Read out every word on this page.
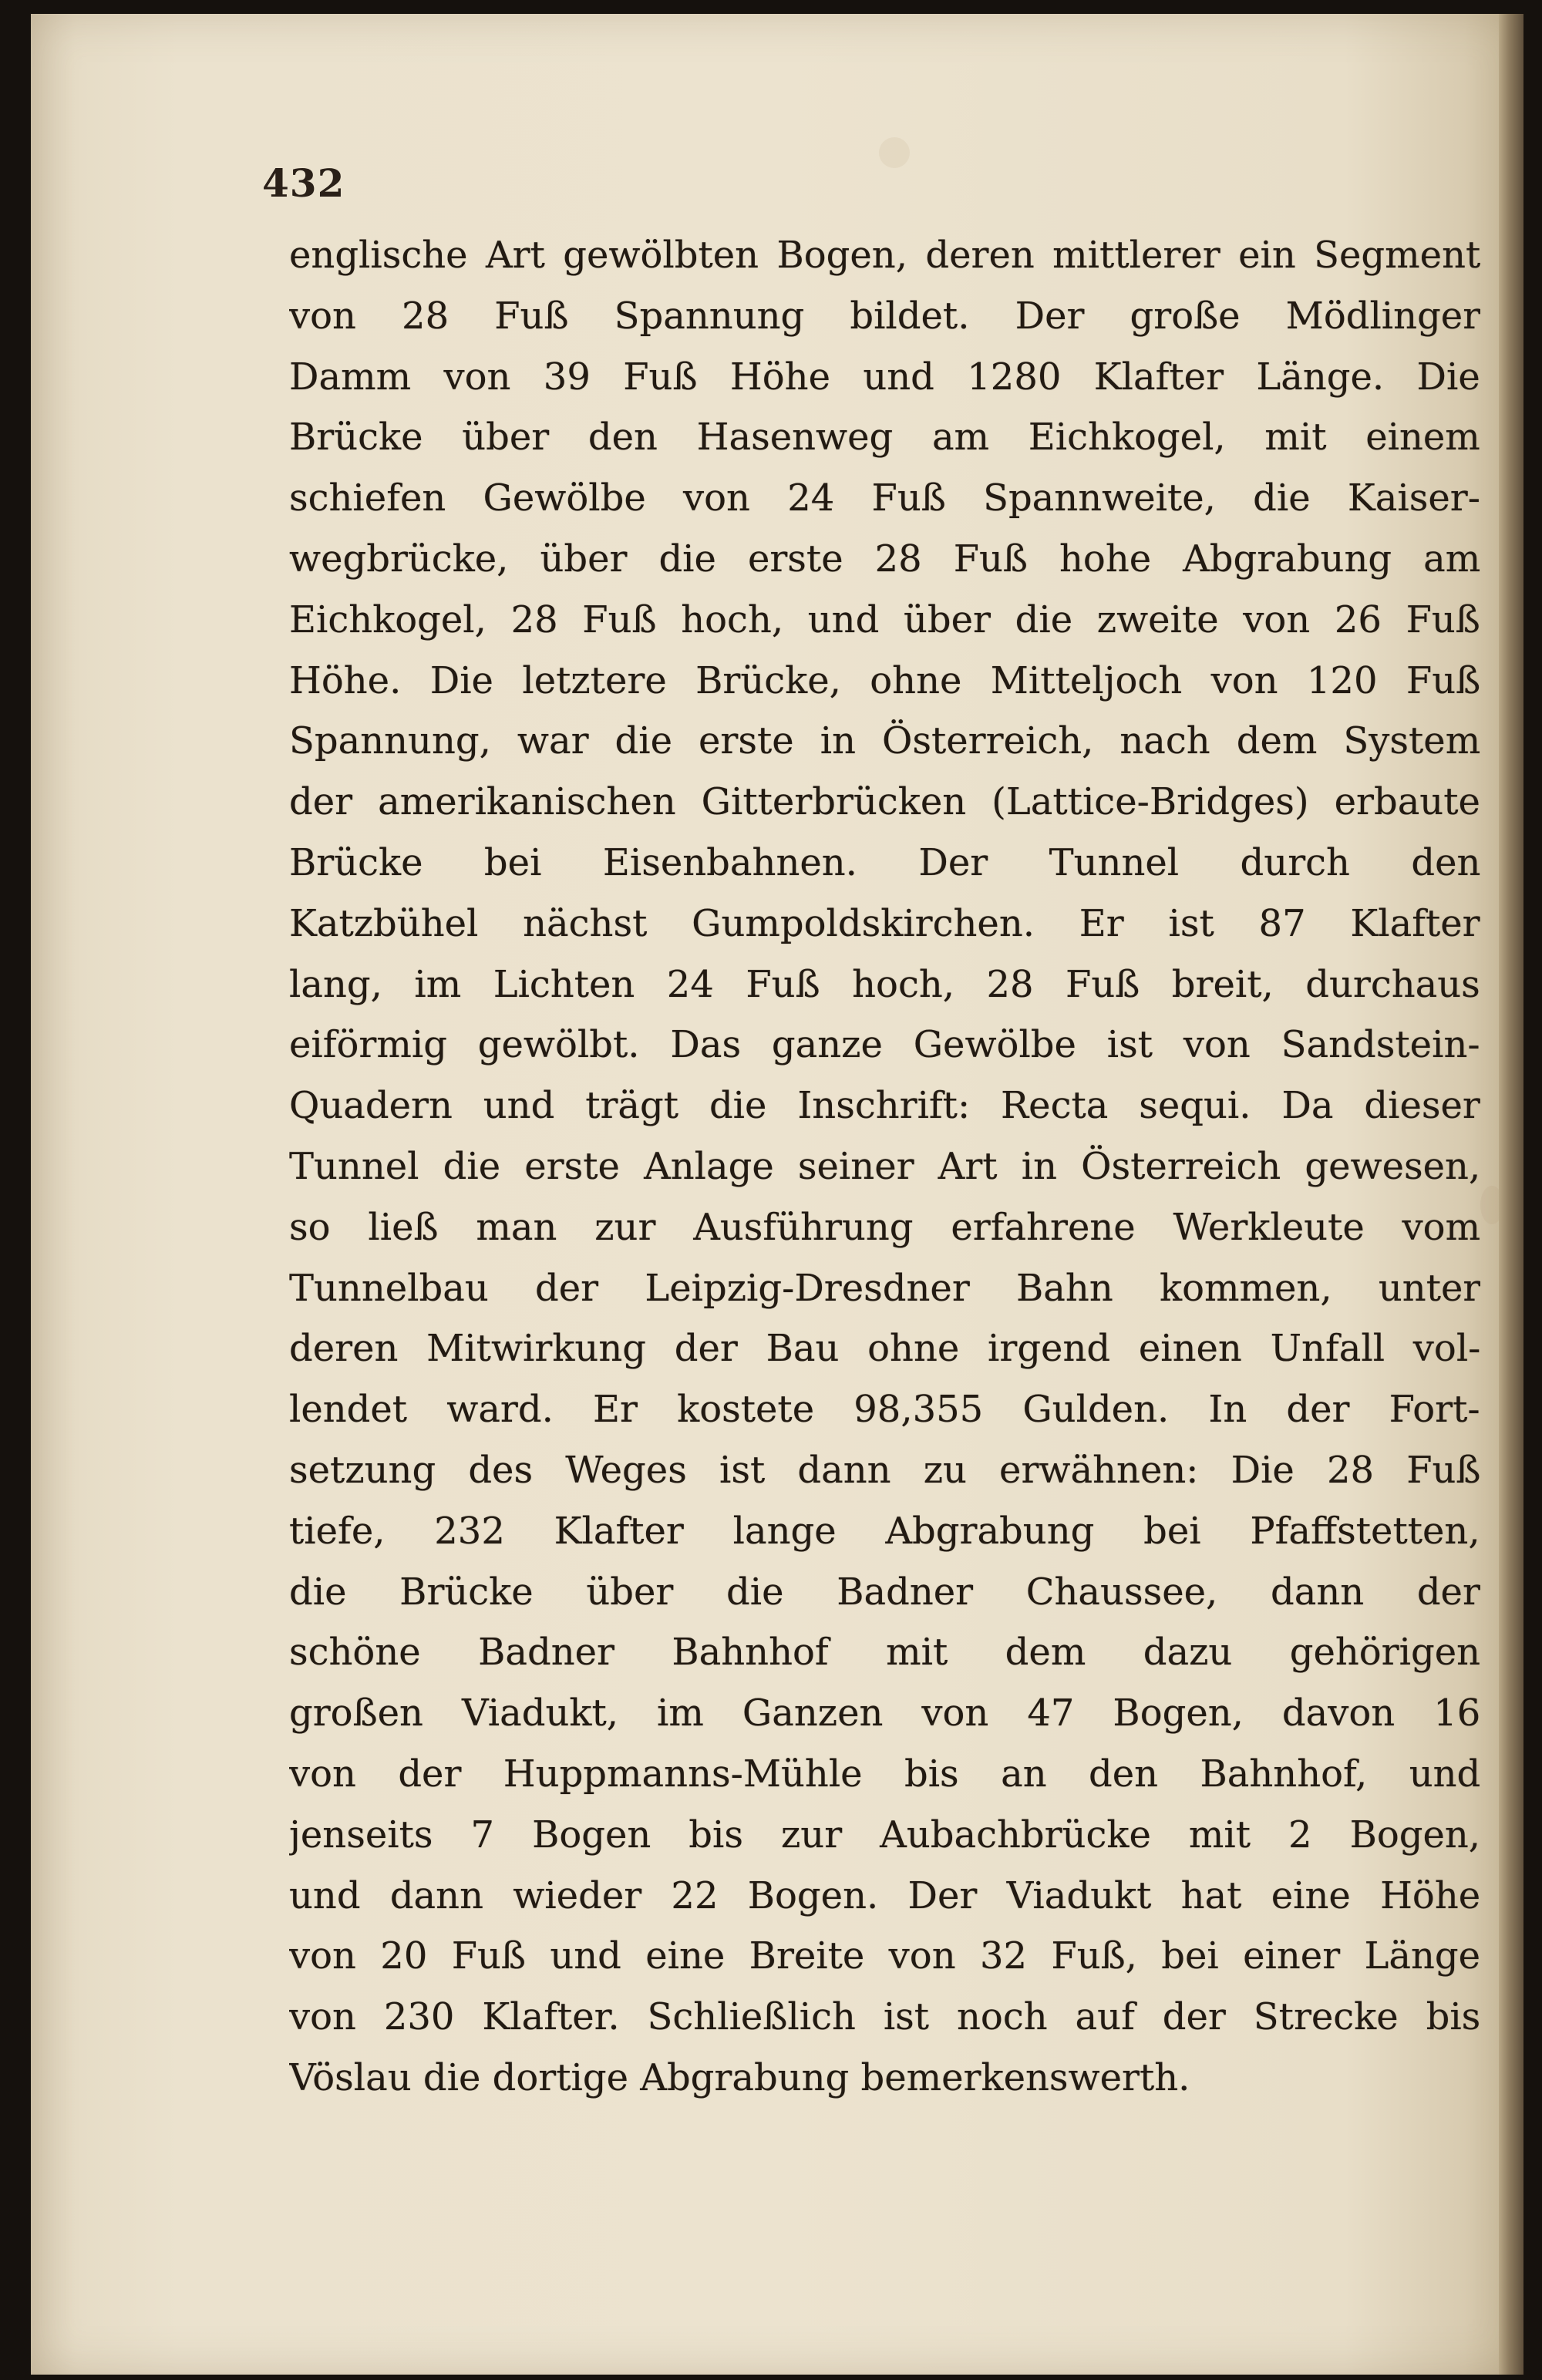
432
englische Art gewölbten Bogen, deren mittlerer ein Segment
von 28 Fuß Spannung bildet. Der große Mödlinger
Damm von 39 Fuß Höhe und 1280 Klafter Länge. Die
Brücke über den Hasenweg am Eichkogel, mit einem
schiefen Gewölbe von 24 Fuß Spannweite, die Kaiser-
wegbrücke, über die erste 28 Fuß hohe Abgrabung am
Eichkogel, 28 Fuß hoch, und über die zweite von 26 Fuß
Höhe. Die letztere Brücke, ohne Mitteljoch von 120 Fuß
Spannung, war die erste in Österreich, nach dem System
der amerikanischen Gitterbrücken (Lattice-Bridges) erbaute
Brücke bei Eisenbahnen. Der Tunnel durch den
Katzbühel nächst Gumpoldskirchen. Er ist 87 Klafter
lang, im Lichten 24 Fuß hoch, 28 Fuß breit, durchaus
eiförmig gewölbt. Das ganze Gewölbe ist von Sandstein-
Quadern und trägt die Inschrift: Recta sequi. Da dieser
Tunnel die erste Anlage seiner Art in Österreich gewesen,
so ließ man zur Ausführung erfahrene Werkleute vom
Tunnelbau der Leipzig-Dresdner Bahn kommen, unter
deren Mitwirkung der Bau ohne irgend einen Unfall vol-
lendet ward. Er kostete 98,355 Gulden. In der Fort-
setzung des Weges ist dann zu erwähnen: Die 28 Fuß
tiefe, 232 Klafter lange Abgrabung bei Pfaffstetten,
die Brücke über die Badner Chaussee, dann der
schöne Badner Bahnhof mit dem dazu gehörigen
großen Viadukt, im Ganzen von 47 Bogen, davon 16
von der Huppmanns-Mühle bis an den Bahnhof, und
jenseits 7 Bogen bis zur Aubachbrücke mit 2 Bogen,
und dann wieder 22 Bogen. Der Viadukt hat eine Höhe
von 20 Fuß und eine Breite von 32 Fuß, bei einer Länge
von 230 Klafter. Schließlich ist noch auf der Strecke bis
Vöslau die dortige Abgrabung bemerkenswerth.
